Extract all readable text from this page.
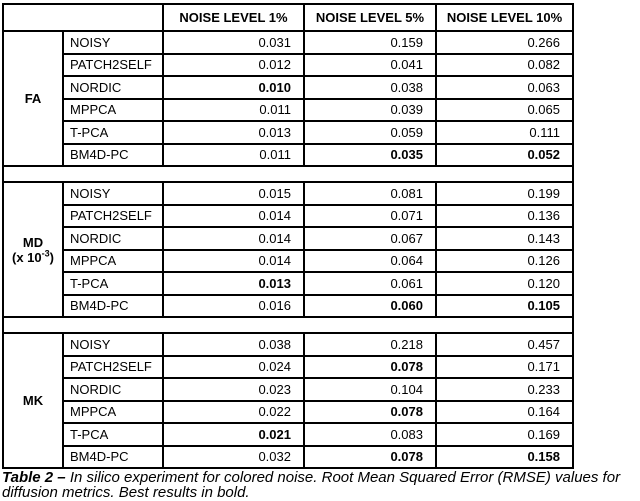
		NOISE LEVEL 1%	NOISE LEVEL 5%	NOISE LEVEL 10%
FA	NOISY	0.031	0.159	0.266
	PATCH2SELF	0.012	0.041	0.082
	NORDIC	0.010	0.038	0.063
	MPPCA	0.011	0.039	0.065
	T-PCA	0.013	0.059	0.111
	BM4D-PC	0.011	0.035	0.052

MD
(x $10^{-3}$)	NOISY	0.015	0.081	0.199
	PATCH2SELF	0.014	0.071	0.136
	NORDIC	0.014	0.067	0.143
	MPPCA	0.014	0.064	0.126
	T-PCA	0.013	0.061	0.120
	BM4D-PC	0.016	0.060	0.105

MK	NOISY	0.038	0.218	0.457
	PATCH2SELF	0.024	0.078	0.171
	NORDIC	0.023	0.104	0.233
	MPPCA	0.022	0.078	0.164
	T-PCA	0.021	0.083	0.169
	BM4D-PC	0.032	0.078	0.158
Table 2 – In silico experiment for colored noise. Root Mean Squared Error (RMSE) values for
diffusion metrics. Best results in bold.
